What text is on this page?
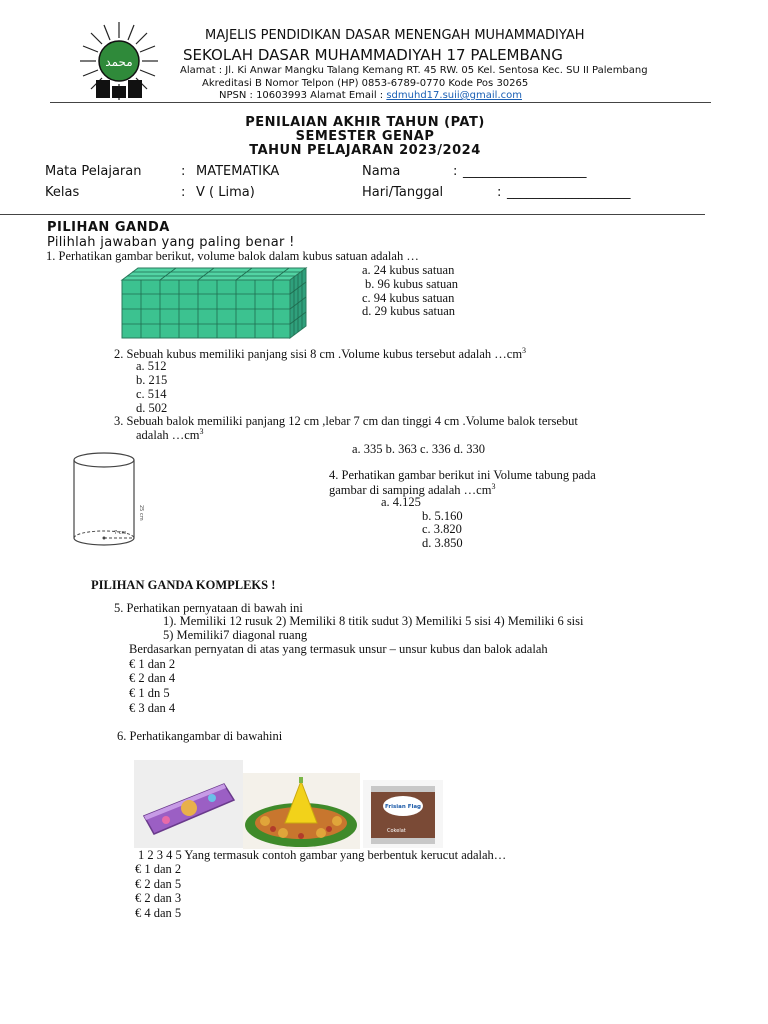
محمد
MAJELIS PENDIDIKAN DASAR MENENGAH MUHAMMADIYAH
SEKOLAH DASAR MUHAMMADIYAH 17 PALEMBANG
Alamat : Jl. Ki Anwar Mangku Talang Kemang RT. 45 RW. 05 Kel. Sentosa Kec. SU II Palembang
Akreditasi B Nomor Telpon (HP) 0853-6789-0770 Kode Pos 30265
NPSN : 10603993 Alamat Email : sdmuhd17.suii@gmail.com
PENILAIAN AKHIR TAHUN (PAT)
SEMESTER GENAP
TAHUN PELAJARAN 2023/2024
Mata Pelajaran	: MATEMATIKA
Kelas	: V ( Lima)
Nama	: ___________________
Hari/Tanggal	: ___________________
PILIHAN GANDA
Pilihlah jawaban yang paling benar !
1. Perhatikan gambar berikut, volume balok dalam kubus satuan adalah …
a. 24 kubus satuan
b. 96 kubus satuan
c. 94 kubus satuan
d. 29 kubus satuan
2. Sebuah kubus memiliki panjang sisi 8 cm .Volume kubus tersebut adalah $\dots cm^3$
a. 512
b. 215
c. 514
d. 502
3. Sebuah balok memiliki panjang 12 cm ,lebar 7 cm dan tinggi 4 cm .Volume balok tersebut
adalah $\dots cm^3$
a. 335 b. 363 c. 336 d. 330
7 cm
25 cm
4. Perhatikan gambar berikut ini Volume tabung pada
gambar di samping adalah $\dots cm^3$
a. 4.125
b. 5.160
c. 3.820
d. 3.850
PILIHAN GANDA KOMPLEKS !
5. Perhatikan pernyataan di bawah ini
1). Memiliki 12 rusuk 2) Memiliki 8 titik sudut 3) Memiliki 5 sisi 4) Memiliki 6 sisi
5) Memiliki7 diagonal ruang
Berdasarkan pernyatan di atas yang termasuk unsur – unsur kubus dan balok adalah
€ 1 dan 2
€ 2 dan 4
€ 1 dn 5
€ 3 dan 4
6. Perhatikangambar di bawahini
Frisian Flag
Cokelat
1 2 3 4 5 Yang termasuk contoh gambar yang berbentuk kerucut adalah…
€ 1 dan 2
€ 2 dan 5
€ 2 dan 3
€ 4 dan 5
